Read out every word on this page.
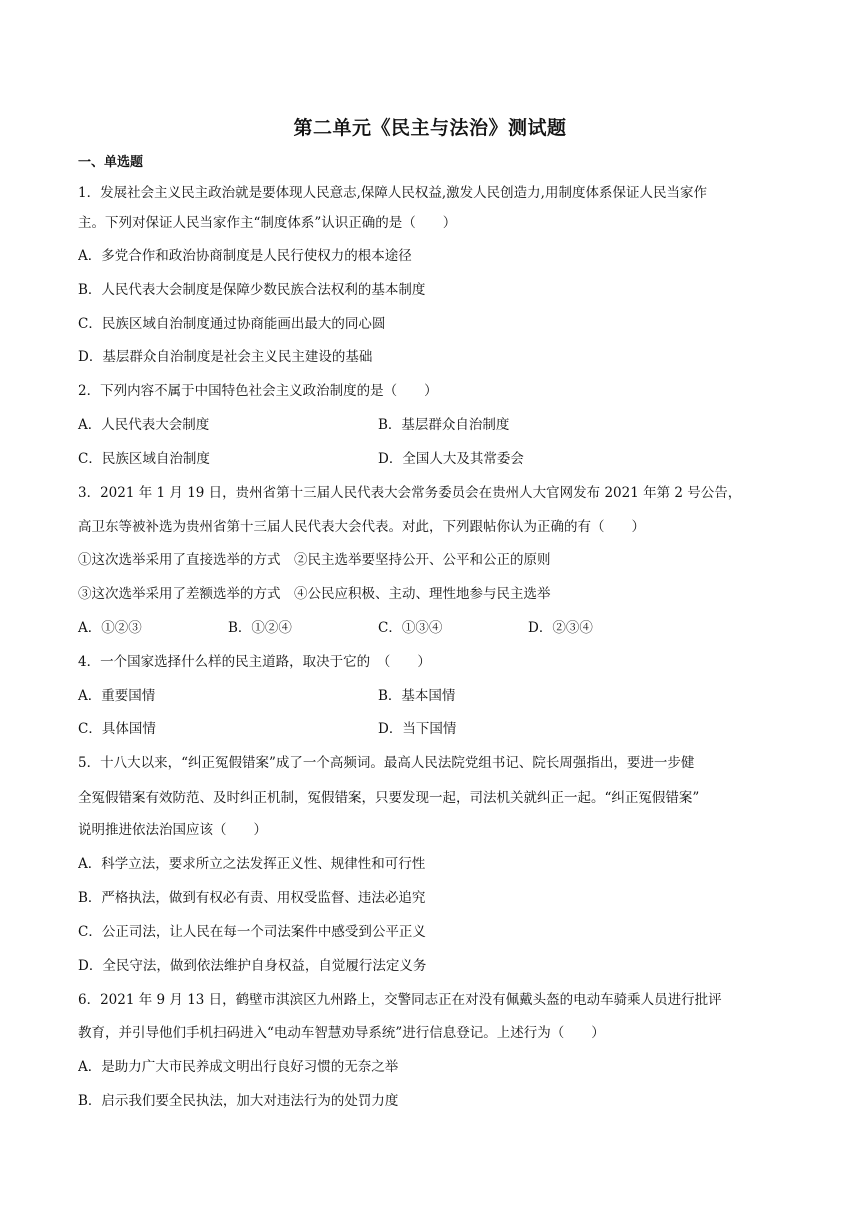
第二单元《民主与法治》测试题
一、单选题
1．发展社会主义民主政治就是要体现人民意志,保障人民权益,激发人民创造力,用制度体系保证人民当家作
主。下列对保证人民当家作主“制度体系”认识正确的是（　　）
A．多党合作和政治协商制度是人民行使权力的根本途径
B．人民代表大会制度是保障少数民族合法权利的基本制度
C．民族区域自治制度通过协商能画出最大的同心圆
D．基层群众自治制度是社会主义民主建设的基础
2．下列内容不属于中国特色社会主义政治制度的是（　　）
A．人民代表大会制度	B．基层群众自治制度
C．民族区域自治制度	D．全国人大及其常委会
3．2021 年 1 月 19 日，贵州省第十三届人民代表大会常务委员会在贵州人大官网发布 2021 年第 2 号公告，
高卫东等被补选为贵州省第十三届人民代表大会代表。对此，下列跟帖你认为正确的有（　　）
①这次选举采用了直接选举的方式　②民主选举要坚持公开、公平和公正的原则
③这次选举采用了差额选举的方式　④公民应积极、主动、理性地参与民主选举
A．①②③	B．①②④	C．①③④	D．②③④
4．一个国家选择什么样的民主道路，取决于它的　（　　）
A．重要国情	B．基本国情
C．具体国情	D．当下国情
5．十八大以来，“纠正冤假错案”成了一个高频词。最高人民法院党组书记、院长周强指出，要进一步健
全冤假错案有效防范、及时纠正机制，冤假错案，只要发现一起，司法机关就纠正一起。“纠正冤假错案”
说明推进依法治国应该（　　）
A．科学立法，要求所立之法发挥正义性、规律性和可行性
B．严格执法，做到有权必有责、用权受监督、违法必追究
C．公正司法，让人民在每一个司法案件中感受到公平正义
D．全民守法，做到依法维护自身权益，自觉履行法定义务
6．2021 年 9 月 13 日，鹤壁市淇滨区九州路上，交警同志正在对没有佩戴头盔的电动车骑乘人员进行批评
教育，并引导他们手机扫码进入“电动车智慧劝导系统”进行信息登记。上述行为（　　）
A．是助力广大市民养成文明出行良好习惯的无奈之举
B．启示我们要全民执法，加大对违法行为的处罚力度
